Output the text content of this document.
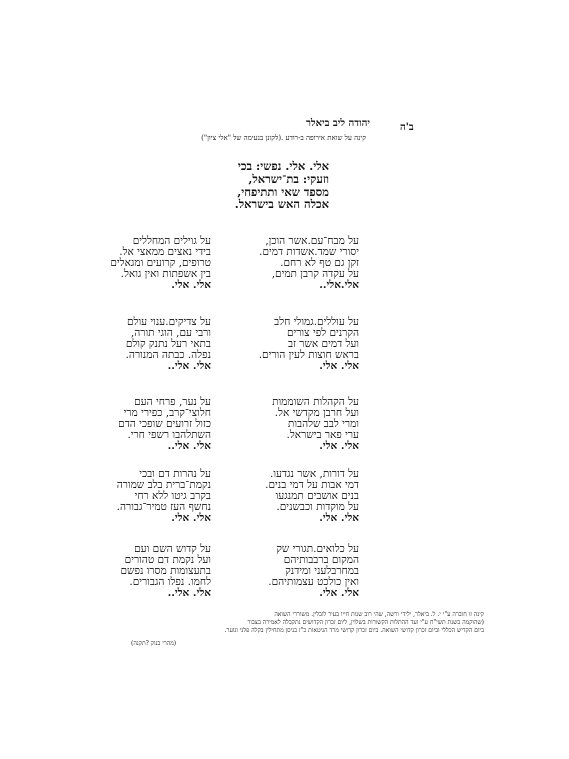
ב'ה
יהודה ליב ביאלר
קינה על שואת אירופה ב-רודע .(לקונן בנעימה של "אלי ציון")
אלי. אלי. נפשי: בכי
וזעקי: בת־ישראל,
מספד שאי ותתיפחי,
אכלה האש בישראל.
על מבח־עם.אשר הוכן,
יסורי שמד.אשדות דמים.
זקן גם טף לא רחם.
על עקדה קרבן תמים,
אלי.אלי..
על עוללים.גמולי חלב
הקרנים לפי צורים
ועל דמים אשר זב
בראש חוצות לעין הורים.
אלי. אלי.
על הקהלות השוממות
ועל חרבן מקדשי אל.
ומרי לבב שלהבות
ערי פאר בישראל.
אלי. אלי.
על דורות, אשר נגדעו.
דמי אבות על דמי בנים.
בנים אושבים תמנגעו
על מוקדות וכבשנים.
אלי. אלי.
על כלואים.תגורי שק
המקום ברבבותיהם
במחרבלעני ומידנק
ואין כולכט עצמותיהם.
אלי. אלי.
על גוילים המחללים
בידי נאצים ממאצי אל.
טרופים, קרועים ומגאלים
בין אשפתות ואין גואל.
אלי. אלי.
על צדיקים.ענוי עולם
ורבי עם, הוגי תורה,
בתאי רעל נתנק קולם
נפלה. כבתה המנורה.
אלי. אלי..
על נער, פרחי העם
חלוצי־קרב, כפירי מרי
כזול זרועים שופכי הדם
השתלהבו רשפי חרי.
אלי. אלי..
על נהרות דם ובכי
נקמת־ברית בלב שמורה
בקרב גיטו ללא רחי
נחשף העז טמיר־גבורה.
אלי. אלי.
על קדוש השם ועם
ועל נקמת דם טהורים
בתעצומות מסרו נפשם
לחמו. נפלו הגבורים.
אלי. אלי..
קינה זו חוברה ע"י י. ל. ביאלר, ילידי ורשה, שהי רוב שנות חייו בעיר לובלין. משוררי השואה
(שהוקמה בשנת תשי"ח ע"י ועד ההתלות הקשורות בשלוין, ליום זכרון הקדושים נתקבלה לאמירה בצבור
ביום הקדיש הכללי וביום זכרון קדושי השואה. ביום זכרון קדושי מרד הגיטאות כ"ז בניסן מתחילין בקלה פלני וגוער.
(מהרי בנוק ?תקנה)
